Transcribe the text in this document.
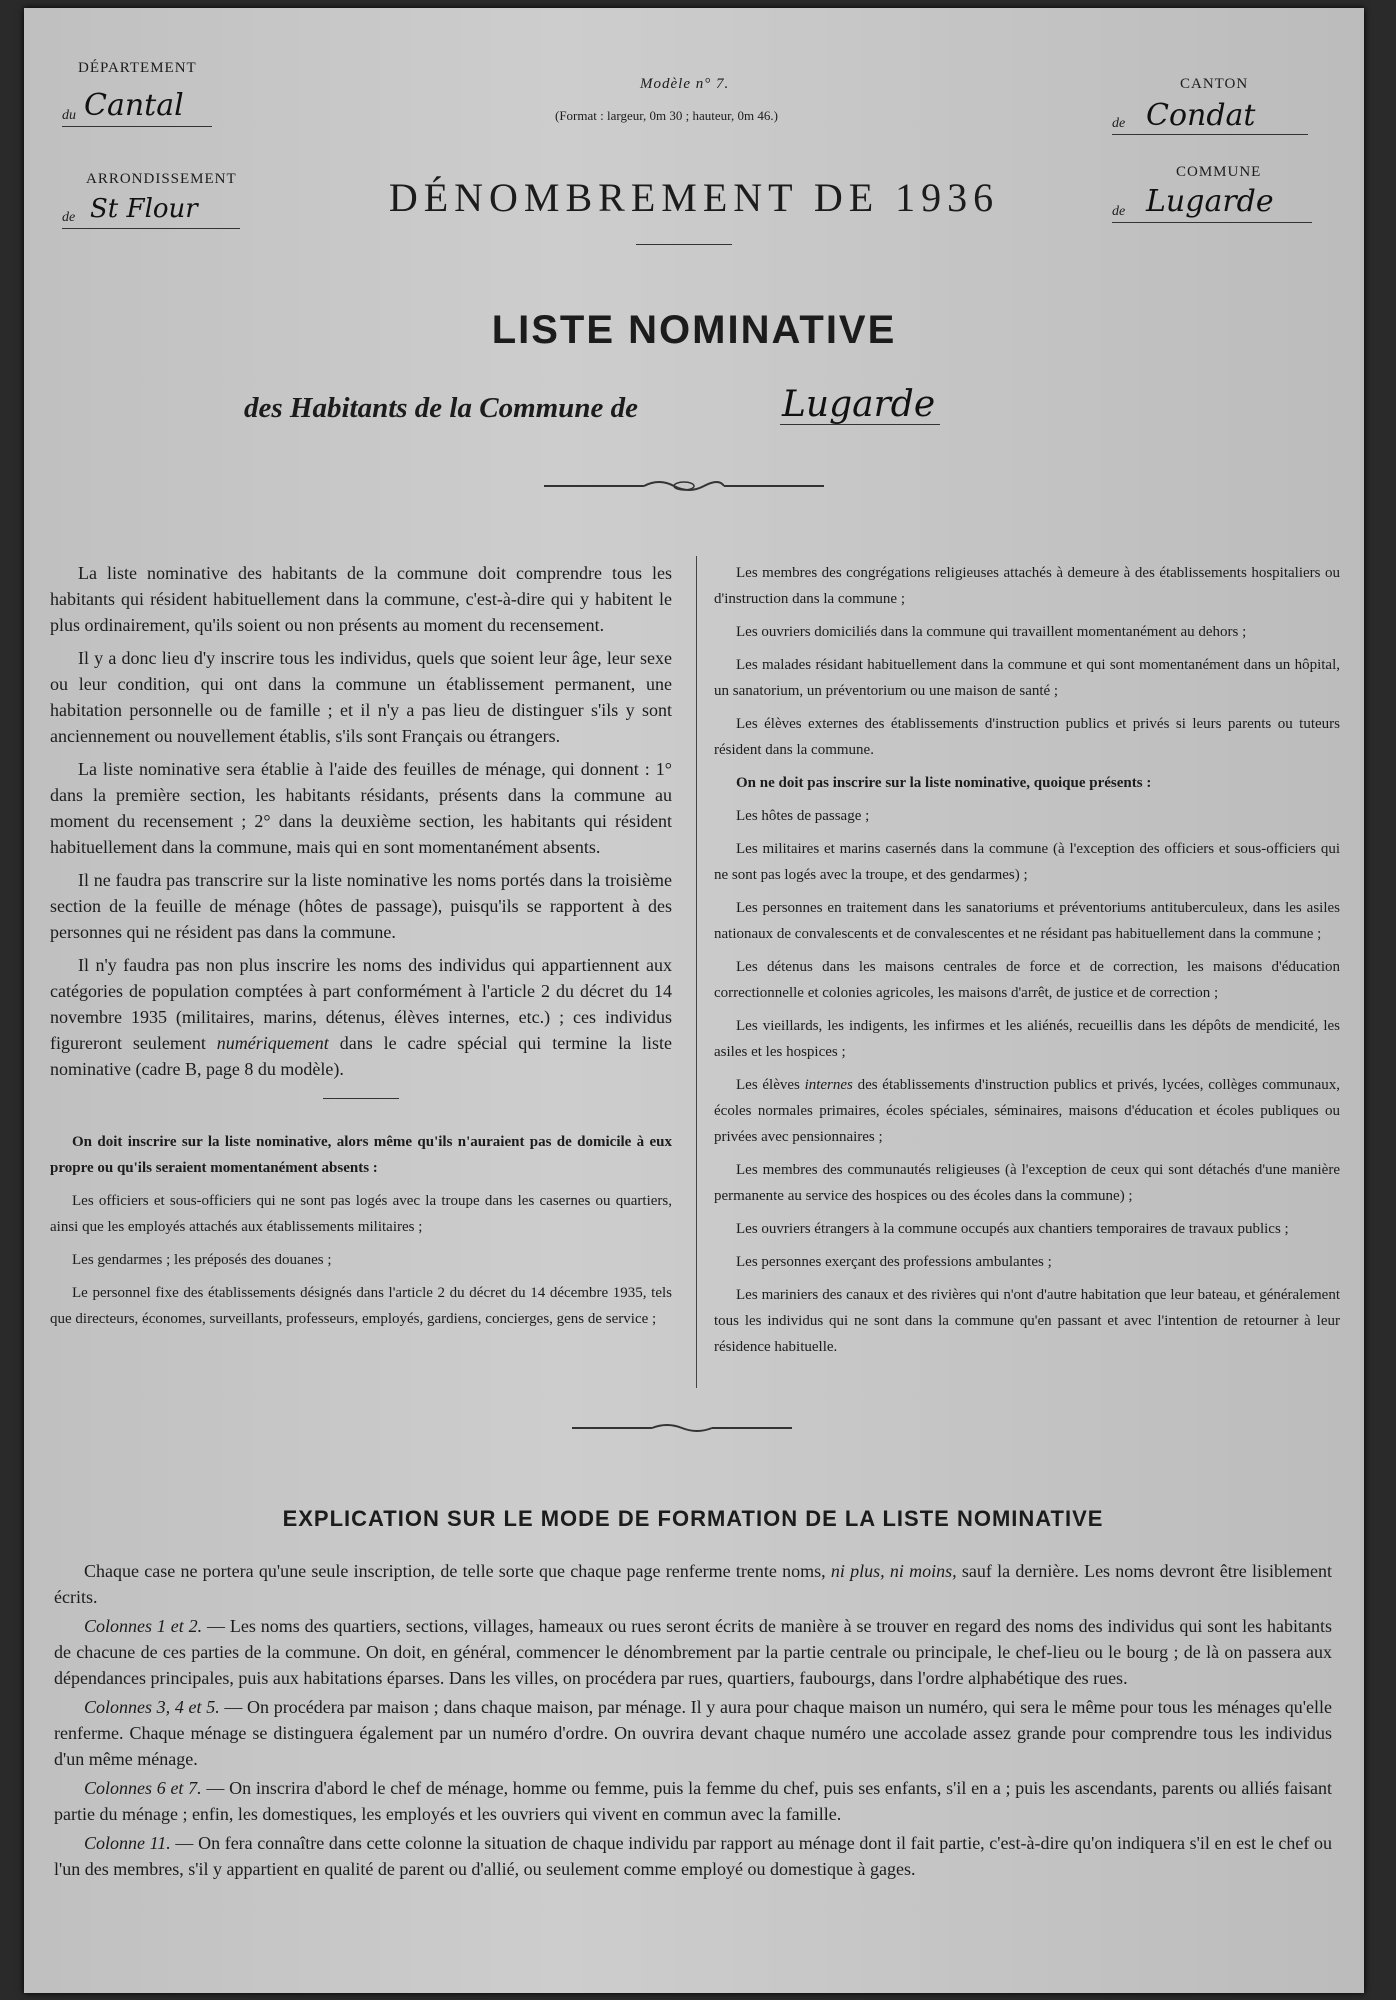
DÉPARTEMENT
du Cantal
ARRONDISSEMENT
de St Flour
Modèle n° 7.
(Format : largeur, 0m 30 ; hauteur, 0m 46.)
CANTON
de Condat
COMMUNE
de Lugarde
DÉNOMBREMENT DE 1936
LISTE NOMINATIVE
des Habitants de la Commune de	Lugarde

La liste nominative des habitants de la commune doit comprendre tous les habitants qui résident habituellement dans la commune, c'est-à-dire qui y habitent le plus ordinairement, qu'ils soient ou non présents au moment du recensement.

Il y a donc lieu d'y inscrire tous les individus, quels que soient leur âge, leur sexe ou leur condition, qui ont dans la commune un établissement permanent, une habitation personnelle ou de famille ; et il n'y a pas lieu de distinguer s'ils y sont anciennement ou nouvellement établis, s'ils sont Français ou étrangers.

La liste nominative sera établie à l'aide des feuilles de ménage, qui donnent : 1° dans la première section, les habitants résidants, présents dans la commune au moment du recensement ; 2° dans la deuxième section, les habitants qui résident habituellement dans la commune, mais qui en sont momentanément absents.

Il ne faudra pas transcrire sur la liste nominative les noms portés dans la troisième section de la feuille de ménage (hôtes de passage), puisqu'ils se rapportent à des personnes qui ne résident pas dans la commune.

Il n'y faudra pas non plus inscrire les noms des individus qui appartiennent aux catégories de population comptées à part conformément à l'article 2 du décret du 14 novembre 1935 (militaires, marins, détenus, élèves internes, etc.) ; ces individus figureront seulement numériquement dans le cadre spécial qui termine la liste nominative (cadre B, page 8 du modèle).

On doit inscrire sur la liste nominative, alors même qu'ils n'auraient pas de domicile à eux propre ou qu'ils seraient momentanément absents :

Les officiers et sous-officiers qui ne sont pas logés avec la troupe dans les casernes ou quartiers, ainsi que les employés attachés aux établissements militaires ;

Les gendarmes ; les préposés des douanes ;

Le personnel fixe des établissements désignés dans l'article 2 du décret du 14 décembre 1935, tels que directeurs, économes, surveillants, professeurs, employés, gardiens, concierges, gens de service ;

Les membres des congrégations religieuses attachés à demeure à des établissements hospitaliers ou d'instruction dans la commune ;

Les ouvriers domiciliés dans la commune qui travaillent momentanément au dehors ;

Les malades résidant habituellement dans la commune et qui sont momentanément dans un hôpital, un sanatorium, un préventorium ou une maison de santé ;

Les élèves externes des établissements d'instruction publics et privés si leurs parents ou tuteurs résident dans la commune.

On ne doit pas inscrire sur la liste nominative, quoique présents :

Les hôtes de passage ;

Les militaires et marins casernés dans la commune (à l'exception des officiers et sous-officiers qui ne sont pas logés avec la troupe, et des gendarmes) ;

Les personnes en traitement dans les sanatoriums et préventoriums antituberculeux, dans les asiles nationaux de convalescents et de convalescentes et ne résidant pas habituellement dans la commune ;

Les détenus dans les maisons centrales de force et de correction, les maisons d'éducation correctionnelle et colonies agricoles, les maisons d'arrêt, de justice et de correction ;

Les vieillards, les indigents, les infirmes et les aliénés, recueillis dans les dépôts de mendicité, les asiles et les hospices ;

Les élèves internes des établissements d'instruction publics et privés, lycées, collèges communaux, écoles normales primaires, écoles spéciales, séminaires, maisons d'éducation et écoles publiques ou privées avec pensionnaires ;

Les membres des communautés religieuses (à l'exception de ceux qui sont détachés d'une manière permanente au service des hospices ou des écoles dans la commune) ;

Les ouvriers étrangers à la commune occupés aux chantiers temporaires de travaux publics ;

Les personnes exerçant des professions ambulantes ;

Les mariniers des canaux et des rivières qui n'ont d'autre habitation que leur bateau, et généralement tous les individus qui ne sont dans la commune qu'en passant et avec l'intention de retourner à leur résidence habituelle.

EXPLICATION SUR LE MODE DE FORMATION DE LA LISTE NOMINATIVE

Chaque case ne portera qu'une seule inscription, de telle sorte que chaque page renferme trente noms, ni plus, ni moins, sauf la dernière. Les noms devront être lisiblement écrits.

Colonnes 1 et 2. — Les noms des quartiers, sections, villages, hameaux ou rues seront écrits de manière à se trouver en regard des noms des individus qui sont les habitants de chacune de ces parties de la commune. On doit, en général, commencer le dénombrement par la partie centrale ou principale, le chef-lieu ou le bourg ; de là on passera aux dépendances principales, puis aux habitations éparses. Dans les villes, on procédera par rues, quartiers, faubourgs, dans l'ordre alphabétique des rues.

Colonnes 3, 4 et 5. — On procédera par maison ; dans chaque maison, par ménage. Il y aura pour chaque maison un numéro, qui sera le même pour tous les ménages qu'elle renferme. Chaque ménage se distinguera également par un numéro d'ordre. On ouvrira devant chaque numéro une accolade assez grande pour comprendre tous les individus d'un même ménage.

Colonnes 6 et 7. — On inscrira d'abord le chef de ménage, homme ou femme, puis la femme du chef, puis ses enfants, s'il en a ; puis les ascendants, parents ou alliés faisant partie du ménage ; enfin, les domestiques, les employés et les ouvriers qui vivent en commun avec la famille.

Colonne 11. — On fera connaître dans cette colonne la situation de chaque individu par rapport au ménage dont il fait partie, c'est-à-dire qu'on indiquera s'il en est le chef ou l'un des membres, s'il y appartient en qualité de parent ou d'allié, ou seulement comme employé ou domestique à gages.
